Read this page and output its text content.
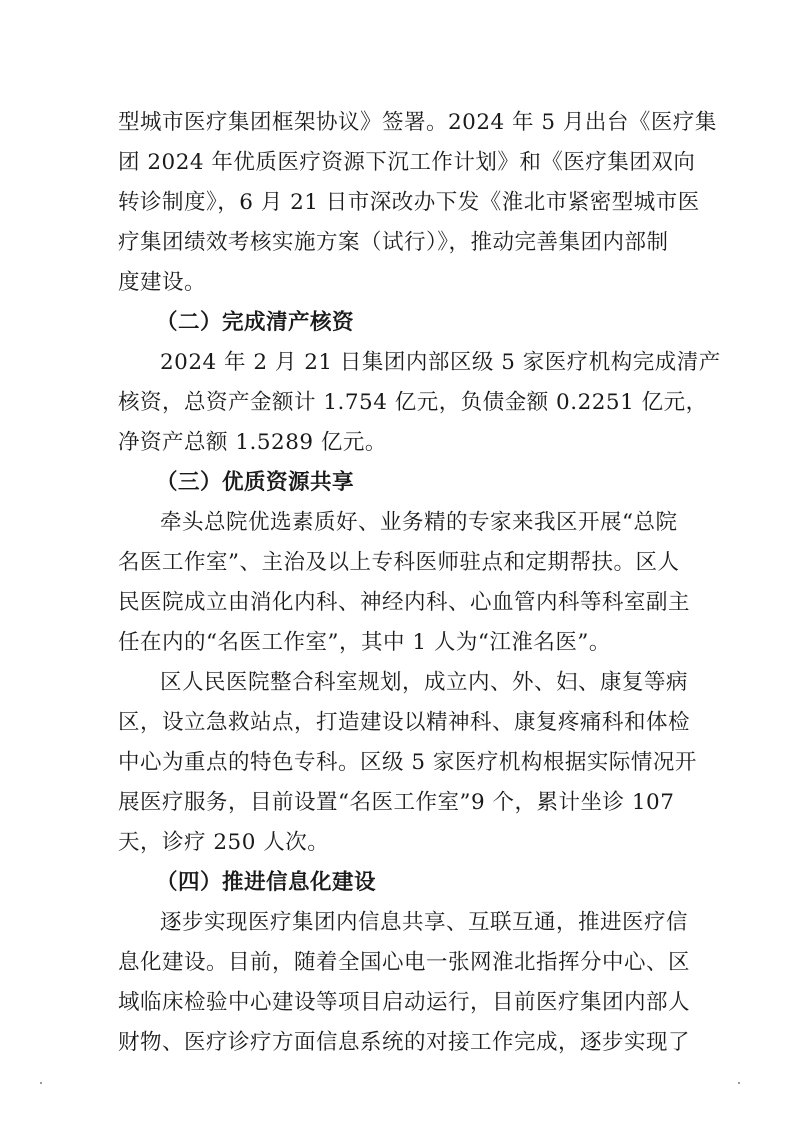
型城市医疗集团框架协议》签署。2024 年 5 月出台《医疗集
团 2024 年优质医疗资源下沉工作计划》和《医疗集团双向
转诊制度》，6 月 21 日市深改办下发《淮北市紧密型城市医
疗集团绩效考核实施方案（试行）》，推动完善集团内部制
度建设。
（二）完成清产核资
2024 年 2 月 21 日集团内部区级 5 家医疗机构完成清产
核资，总资产金额计 1.754 亿元，负债金额 0.2251 亿元，
净资产总额 1.5289 亿元。
（三）优质资源共享
牵头总院优选素质好、业务精的专家来我区开展“总院
名医工作室”、主治及以上专科医师驻点和定期帮扶。区人
民医院成立由消化内科、神经内科、心血管内科等科室副主
任在内的“名医工作室”，其中 1 人为“江淮名医”。
区人民医院整合科室规划，成立内、外、妇、康复等病
区，设立急救站点，打造建设以精神科、康复疼痛科和体检
中心为重点的特色专科。区级 5 家医疗机构根据实际情况开
展医疗服务，目前设置“名医工作室”9 个，累计坐诊 107
天，诊疗 250 人次。
（四）推进信息化建设
逐步实现医疗集团内信息共享、互联互通，推进医疗信
息化建设。目前，随着全国心电一张网淮北指挥分中心、区
域临床检验中心建设等项目启动运行，目前医疗集团内部人
财物、医疗诊疗方面信息系统的对接工作完成，逐步实现了
